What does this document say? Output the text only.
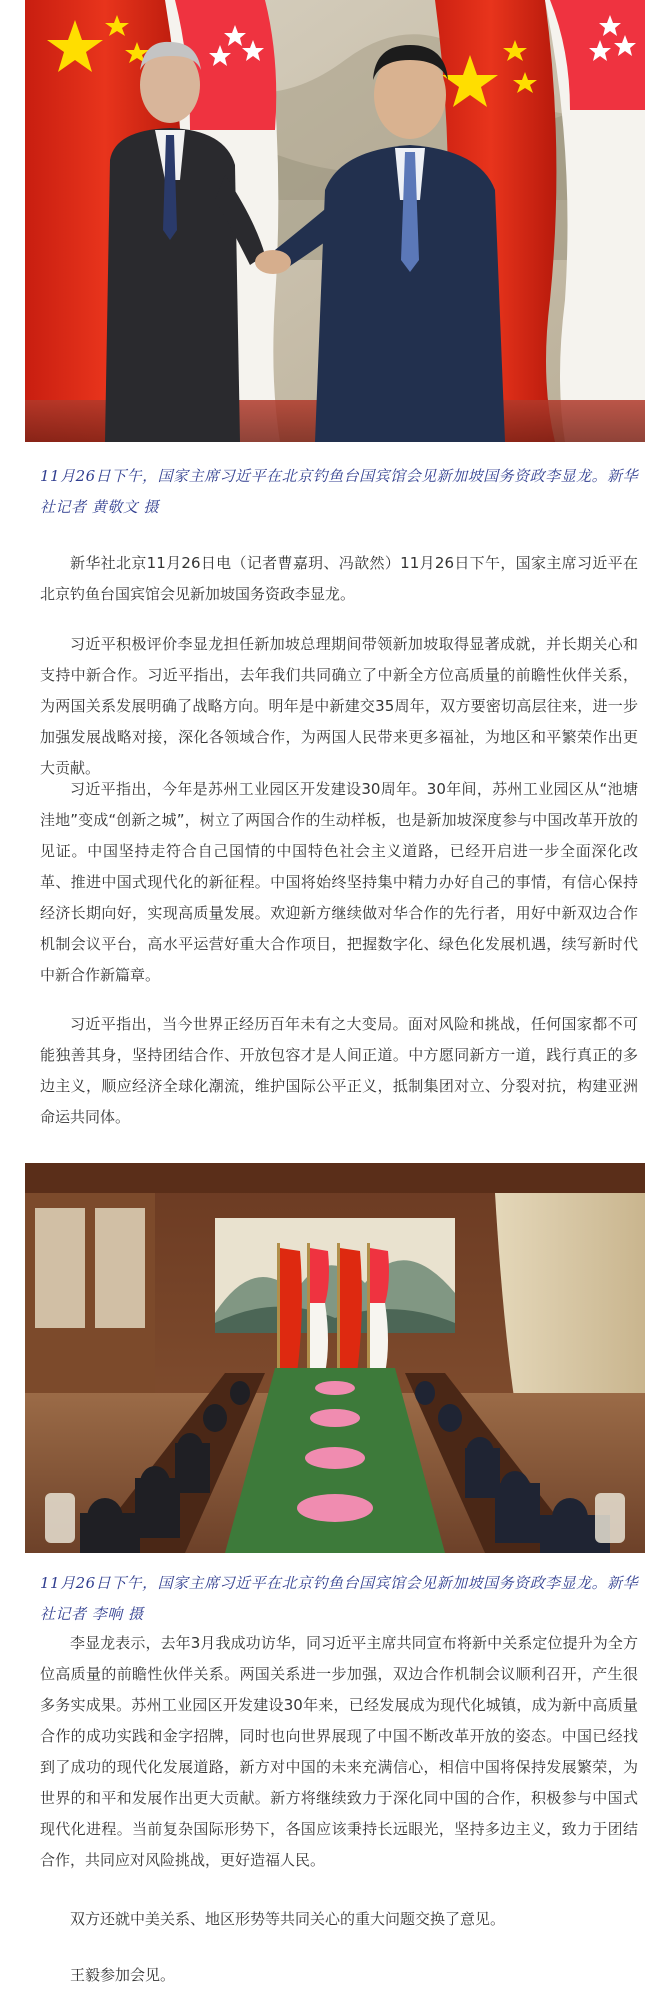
11月26日下午，国家主席习近平在北京钓鱼台国宾馆会见新加坡国务资政李显龙。新华社记者 黄敬文 摄

新华社北京11月26日电（记者曹嘉玥、冯歆然）11月26日下午，国家主席习近平在北京钓鱼台国宾馆会见新加坡国务资政李显龙。

习近平积极评价李显龙担任新加坡总理期间带领新加坡取得显著成就，并长期关心和支持中新合作。习近平指出，去年我们共同确立了中新全方位高质量的前瞻性伙伴关系，为两国关系发展明确了战略方向。明年是中新建交35周年，双方要密切高层往来，进一步加强发展战略对接，深化各领域合作，为两国人民带来更多福祉，为地区和平繁荣作出更大贡献。

习近平指出，今年是苏州工业园区开发建设30周年。30年间，苏州工业园区从“池塘洼地”变成“创新之城”，树立了两国合作的生动样板，也是新加坡深度参与中国改革开放的见证。中国坚持走符合自己国情的中国特色社会主义道路，已经开启进一步全面深化改革、推进中国式现代化的新征程。中国将始终坚持集中精力办好自己的事情，有信心保持经济长期向好，实现高质量发展。欢迎新方继续做对华合作的先行者，用好中新双边合作机制会议平台，高水平运营好重大合作项目，把握数字化、绿色化发展机遇，续写新时代中新合作新篇章。

习近平指出，当今世界正经历百年未有之大变局。面对风险和挑战，任何国家都不可能独善其身，坚持团结合作、开放包容才是人间正道。中方愿同新方一道，践行真正的多边主义，顺应经济全球化潮流，维护国际公平正义，抵制集团对立、分裂对抗，构建亚洲命运共同体。

11月26日下午，国家主席习近平在北京钓鱼台国宾馆会见新加坡国务资政李显龙。新华社记者 李响 摄

李显龙表示，去年3月我成功访华，同习近平主席共同宣布将新中关系定位提升为全方位高质量的前瞻性伙伴关系。两国关系进一步加强，双边合作机制会议顺利召开，产生很多务实成果。苏州工业园区开发建设30年来，已经发展成为现代化城镇，成为新中高质量合作的成功实践和金字招牌，同时也向世界展现了中国不断改革开放的姿态。中国已经找到了成功的现代化发展道路，新方对中国的未来充满信心，相信中国将保持发展繁荣，为世界的和平和发展作出更大贡献。新方将继续致力于深化同中国的合作，积极参与中国式现代化进程。当前复杂国际形势下，各国应该秉持长远眼光，坚持多边主义，致力于团结合作，共同应对风险挑战，更好造福人民。

双方还就中美关系、地区形势等共同关心的重大问题交换了意见。

王毅参加会见。
